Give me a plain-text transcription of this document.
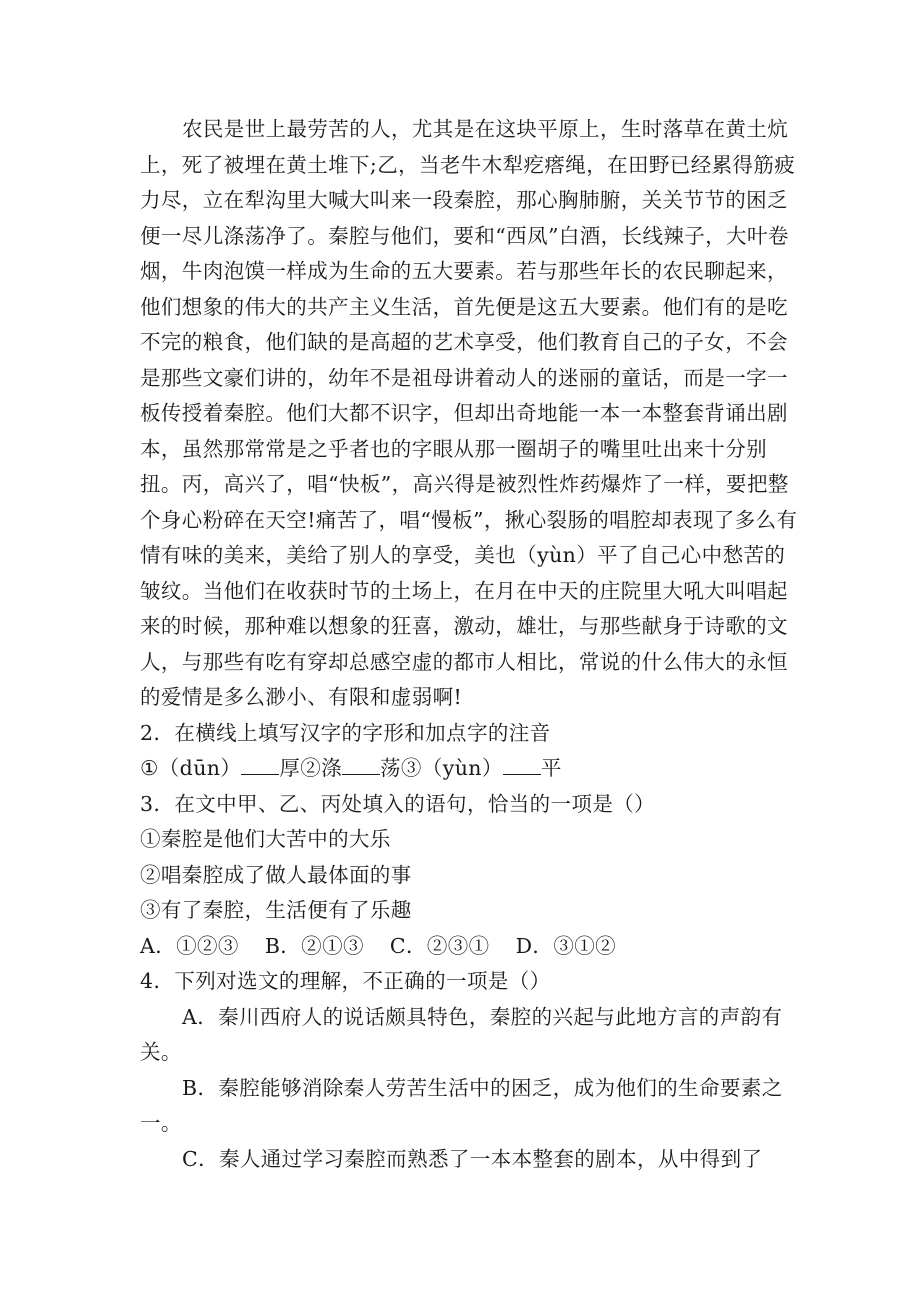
农民是世上最劳苦的人，尤其是在这块平原上，生时落草在黄土炕上，死了被埋在黄土堆下;乙，当老牛木犁疙瘩绳，在田野已经累得筋疲力尽，立在犁沟里大喊大叫来一段秦腔，那心胸肺腑，关关节节的困乏便一尽儿涤荡净了。秦腔与他们，要和“西凤”白酒，长线辣子，大叶卷烟，牛肉泡馍一样成为生命的五大要素。若与那些年长的农民聊起来，他们想象的伟大的共产主义生活，首先便是这五大要素。他们有的是吃不完的粮食，他们缺的是高超的艺术享受，他们教育自己的子女，不会是那些文豪们讲的，幼年不是祖母讲着动人的迷丽的童话，而是一字一板传授着秦腔。他们大都不识字，但却出奇地能一本一本整套背诵出剧本，虽然那常常是之乎者也的字眼从那一圈胡子的嘴里吐出来十分别扭。丙，高兴了，唱“快板”，高兴得是被烈性炸药爆炸了一样，要把整个身心粉碎在天空!痛苦了，唱“慢板”，揪心裂肠的唱腔却表现了多么有情有味的美来，美给了别人的享受，美也（yùn）平了自己心中愁苦的皱纹。当他们在收获时节的土场上，在月在中天的庄院里大吼大叫唱起来的时候，那种难以想象的狂喜，激动，雄壮，与那些献身于诗歌的文人，与那些有吃有穿却总感空虚的都市人相比，常说的什么伟大的永恒的爱情是多么渺小、有限和虚弱啊!

2．在横线上填写汉字的字形和加点字的注音

①（dūn） 厚②涤 荡③（yùn） 平

3．在文中甲、乙、丙处填入的语句，恰当的一项是（）

①秦腔是他们大苦中的大乐

②唱秦腔成了做人最体面的事

③有了秦腔，生活便有了乐趣

A．①②③ B．②①③ C．②③① D．③①②

4．下列对选文的理解，不正确的一项是（）

A．秦川西府人的说话颇具特色，秦腔的兴起与此地方言的声韵有关。

B．秦腔能够消除秦人劳苦生活中的困乏，成为他们的生命要素之一。

C．秦人通过学习秦腔而熟悉了一本本整套的剧本，从中得到了
